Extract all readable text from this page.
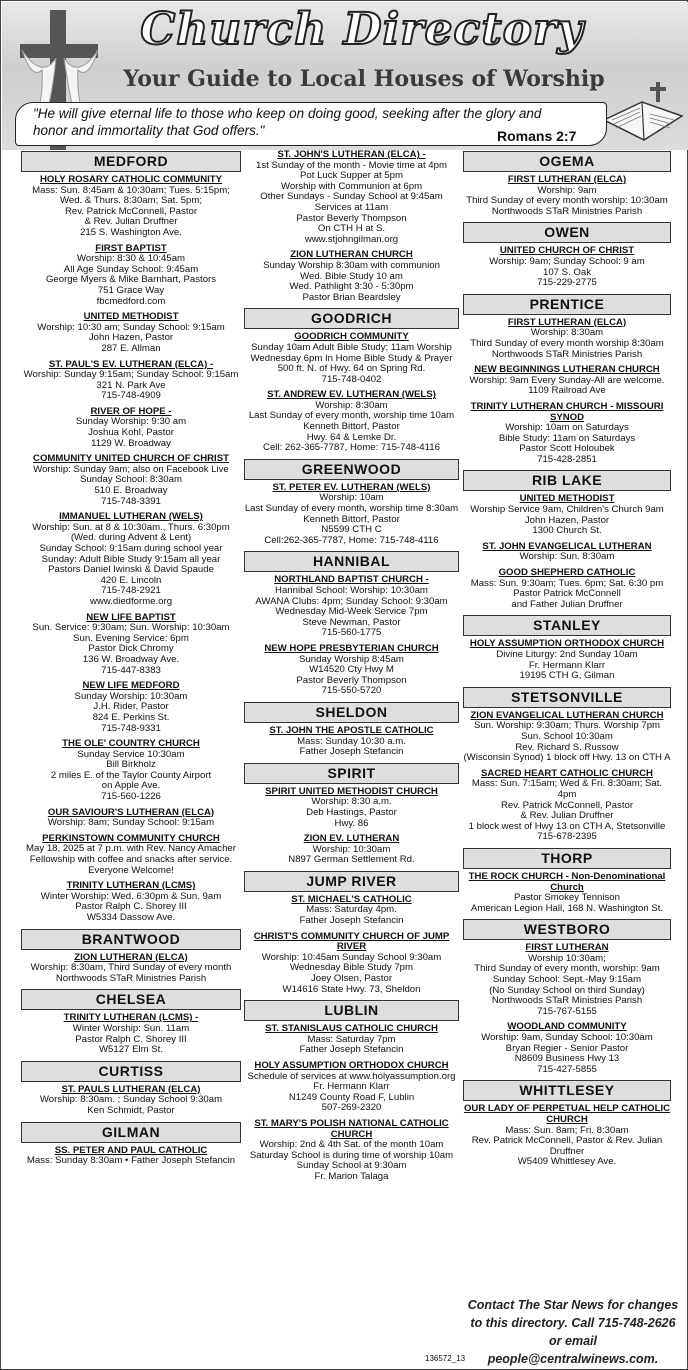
Church Directory
Your Guide to Local Houses of Worship
"He will give eternal life to those who keep on doing good, seeking after the glory and honor and immortality that God offers."	Romans 2:7
MEDFORD
HOLY ROSARY CATHOLIC COMMUNITY
Mass: Sun. 8:45am & 10:30am; Tues. 5:15pm;
Wed. & Thurs. 8:30am; Sat. 5pm;
Rev. Patrick McConnell, Pastor
& Rev. Julian Druffner
215 S. Washington Ave.
FIRST BAPTIST
Worship: 8:30 & 10:45am
All Age Sunday School: 9:45am
George Myers & Mike Barnhart, Pastors
751 Grace Way
fbcmedford.com
UNITED METHODIST
Worship: 10:30 am; Sunday School: 9:15am
John Hazen, Pastor
287 E. Allman
ST. PAUL'S EV. LUTHERAN (ELCA) -
Worship: Sunday 9:15am; Sunday School: 9:15am
321 N. Park Ave
715-748-4909
RIVER OF HOPE -
Sunday Worship: 9:30 am
Joshua Kohl, Pastor
1129 W. Broadway
COMMUNITY UNITED CHURCH OF CHRIST
Worship: Sunday 9am; also on Facebook Live
Sunday School: 8:30am
510 E. Broadway
715-748-3391
IMMANUEL LUTHERAN (WELS)
Worship: Sun. at 8 & 10:30am., Thurs. 6:30pm
(Wed. during Advent & Lent)
Sunday School: 9:15am during school year
Sunday: Adult Bible Study 9:15am all year
Pastors Daniel Iwinski & David Spaude
420 E. Lincoln
715-748-2921
www.diedforme.org
NEW LIFE BAPTIST
Sun. Service: 9:30am; Sun. Worship: 10:30am
Sun. Evening Service: 6pm
Pastor Dick Chromy
136 W. Broadway Ave.
715-447-8383
NEW LIFE MEDFORD
Sunday Worship: 10:30am
J.H. Rider, Pastor
824 E. Perkins St.
715-748-9331
THE OLE' COUNTRY CHURCH
Sunday Service 10:30am
Bill Birkholz
2 miles E. of the Taylor County Airport
on Apple Ave.
715-560-1226
OUR SAVIOUR'S LUTHERAN (ELCA)
Worship: 8am; Sunday School: 9:15am
PERKINSTOWN COMMUNITY CHURCH
May 18, 2025 at 7 p.m. with Rev. Nancy Amacher
Fellowship with coffee and snacks after service.
Everyone Welcome!
TRINITY LUTHERAN (LCMS)
Winter Worship: Wed. 6:30pm & Sun. 9am
Pastor Ralph C. Shorey III
W5334 Dassow Ave.
BRANTWOOD
ZION LUTHERAN (ELCA)
Worship: 8:30am, Third Sunday of every month
Northwoods STaR Ministries Parish
CHELSEA
TRINITY LUTHERAN (LCMS) -
Winter Worship: Sun. 11am
Pastor Ralph C. Shorey III
W5127 Elm St.
CURTISS
ST. PAULS LUTHERAN (ELCA)
Worship: 8:30am. ; Sunday School 9:30am
Ken Schmidt, Pastor
GILMAN
SS. PETER AND PAUL CATHOLIC
Mass: Sunday 8:30am • Father Joseph Stefancin
ST. JOHN'S LUTHERAN (ELCA) -
1st Sunday of the month - Movie time at 4pm
Pot Luck Supper at 5pm
Worship with Communion at 6pm
Other Sundays - Sunday School at 9:45am
Services at 11am
Pastor Beverly Thompson
On CTH H at S.
www.stjohngilman.org
ZION LUTHERAN CHURCH
Sunday Worship 8:30am with communion
Wed. Bible Study 10 am
Wed. Pathlight 3:30 - 5:30pm
Pastor Brian Beardsley
GOODRICH
GOODRICH COMMUNITY
Sunday 10am Adult Bible Study; 11am Worship
Wednesday 6pm In Home Bible Study & Prayer
500 ft. N. of Hwy. 64 on Spring Rd.
715-748-0402
ST. ANDREW EV. LUTHERAN (WELS)
Worship: 8:30am
Last Sunday of every month, worship time 10am
Kenneth Bittorf, Pastor
Hwy. 64 & Lemke Dr.
Cell: 262-365-7787, Home: 715-748-4116
GREENWOOD
ST. PETER EV. LUTHERAN (WELS)
Worship: 10am
Last Sunday of every month, worship time 8:30am
Kenneth Bittorf, Pastor
N5599 CTH C
Cell:262-365-7787, Home: 715-748-4116
HANNIBAL
NORTHLAND BAPTIST CHURCH -
Hannibal School: Worship: 10:30am
AWANA Clubs: 4pm; Sunday School: 9:30am
Wednesday Mid-Week Service 7pm
Steve Newman, Pastor
715-560-1775
NEW HOPE PRESBYTERIAN CHURCH
Sunday Worship 8:45am
W14520 Cty Hwy M
Pastor Beverly Thompson
715-550-5720
SHELDON
ST. JOHN THE APOSTLE CATHOLIC
Mass: Sunday 10:30 a.m.
Father Joseph Stefancin
SPIRIT
SPIRIT UNITED METHODIST CHURCH
Worship: 8:30 a.m.
Deb Hastings, Pastor
Hwy. 86
ZION EV. LUTHERAN
Worship: 10:30am
N897 German Settlement Rd.
JUMP RIVER
ST. MICHAEL'S CATHOLIC
Mass: Saturday 4pm.
Father Joseph Stefancin
CHRIST'S COMMUNITY CHURCH OF JUMP RIVER
Worship: 10:45am Sunday School 9:30am
Wednesday Bible Study 7pm
Joey Olsen, Pastor
W14616 State Hwy. 73, Sheldon
LUBLIN
ST. STANISLAUS CATHOLIC CHURCH
Mass: Saturday 7pm
Father Joseph Stefancin
HOLY ASSUMPTION ORTHODOX CHURCH
Schedule of services at www.holyassumption.org
Fr. Hermann Klarr
N1249 County Road F, Lublin
507-269-2320
ST. MARY'S POLISH NATIONAL CATHOLIC CHURCH
Worship: 2nd & 4th Sat. of the month 10am
Saturday School is during time of worship 10am
Sunday School at 9:30am
Fr. Marion Talaga
OGEMA
FIRST LUTHERAN (ELCA)
Worship: 9am
Third Sunday of every month worship: 10:30am
Northwoods STaR Ministries Parish
OWEN
UNITED CHURCH OF CHRIST
Worship: 9am; Sunday School: 9 am
107 S. Oak
715-229-2775
PRENTICE
FIRST LUTHERAN (ELCA)
Worship: 8:30am
Third Sunday of every month worship 8:30am
Northwoods STaR Ministries Parish
NEW BEGINNINGS LUTHERAN CHURCH
Worship: 9am Every Sunday-All are welcome.
1109 Railroad Ave
TRINITY LUTHERAN CHURCH - MISSOURI SYNOD
Worship: 10am on Saturdays
Bible Study: 11am on Saturdays
Pastor Scott Holoubek
715-428-2851
RIB LAKE
UNITED METHODIST
Worship Service 9am, Children's Church 9am
John Hazen, Pastor
1300 Church St.
ST. JOHN EVANGELICAL LUTHERAN
Worship: Sun. 8:30am
GOOD SHEPHERD CATHOLIC
Mass: Sun. 9:30am; Tues. 6pm; Sat. 6:30 pm
Pastor Patrick McConnell
and Father Julian Druffner
STANLEY
HOLY ASSUMPTION ORTHODOX CHURCH
Divine Liturgy: 2nd Sunday 10am
Fr. Hermann Klarr
19195 CTH G, Gilman
STETSONVILLE
ZION EVANGELICAL LUTHERAN CHURCH
Sun. Worship: 9:30am; Thurs. Worship 7pm
Sun. School 10:30am
Rev. Richard S. Russow
(Wisconsin Synod) 1 block off Hwy. 13 on CTH A
SACRED HEART CATHOLIC CHURCH
Mass: Sun. 7:15am; Wed & Fri. 8:30am; Sat. 4pm
Rev. Patrick McConnell, Pastor
& Rev. Julian Druffner
1 block west of Hwy 13 on CTH A, Stetsonville
715-678-2395
THORP
THE ROCK CHURCH - Non-Denominational Church
Pastor Smokey Tennison
American Legion Hall, 168 N. Washington St.
WESTBORO
FIRST LUTHERAN
Worship 10:30am;
Third Sunday of every month, worship: 9am
Sunday School: Sept.-May 9:15am
(No Sunday School on third Sunday)
Northwoods STaR Ministries Parish
715-767-5155
WOODLAND COMMUNITY
Worship: 9am, Sunday School: 10:30am
Bryan Regier - Senior Pastor
N8609 Business Hwy 13
715-427-5855
WHITTLESEY
OUR LADY OF PERPETUAL HELP CATHOLIC CHURCH
Mass: Sun. 8am; Fri. 8:30am
Rev. Patrick McConnell, Pastor & Rev. Julian Druffner
W5409 Whittlesey Ave.
Contact The Star News for changes to this directory. Call 715-748-2626 or email people@centralwinews.com.
136572_13
